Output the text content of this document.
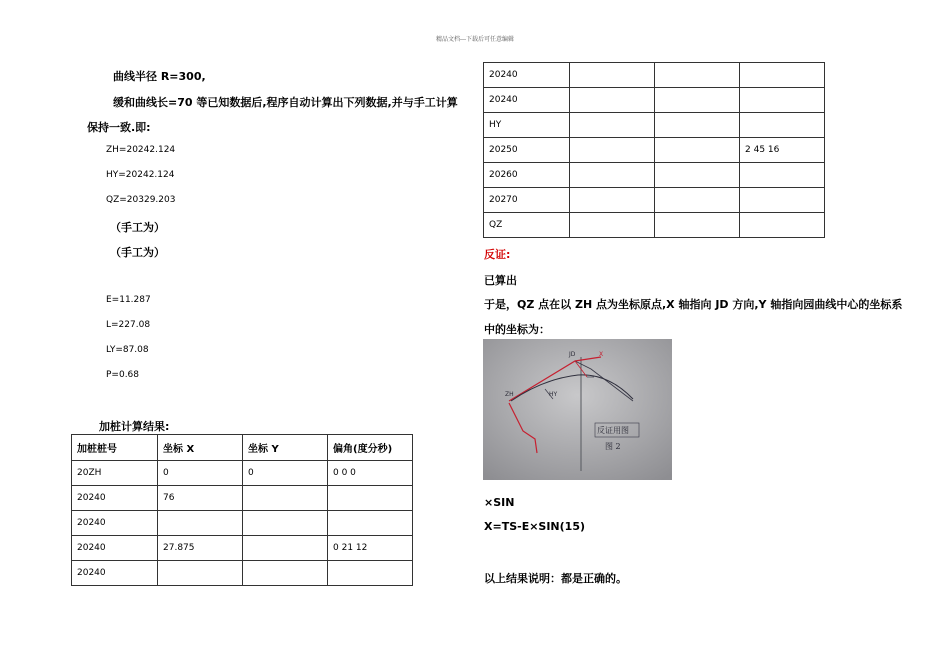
精品文档---下载后可任意编辑
曲线半径 R=300,
缓和曲线长=70 等已知数据后,程序自动计算出下列数据,并与手工计算
保持一致.即:
ZH=20242.124
HY=20242.124
QZ=20329.203
（手工为）
（手工为）
E=11.287
L=227.08
LY=87.08
P=0.68
加桩计算结果:
加桩桩号	坐标 X	坐标 Y	偏角(度分秒)
20ZH	0	0	0 0 0
20240	76		
20240			
20240	27.875		0 21 12
20240			
20240			
20240			
HY			
20250			2 45 16
20260			
20270			
QZ			
反证:
已算出
于是，QZ 点在以 ZH 点为坐标原点,X 轴指向 JD 方向,Y 轴指向园曲线中心的坐标系
中的坐标为：
JD	X
ZH	HY
反证用图
图 2
×SIN
X=TS-E×SIN(15)
以上结果说明：都是正确的。
